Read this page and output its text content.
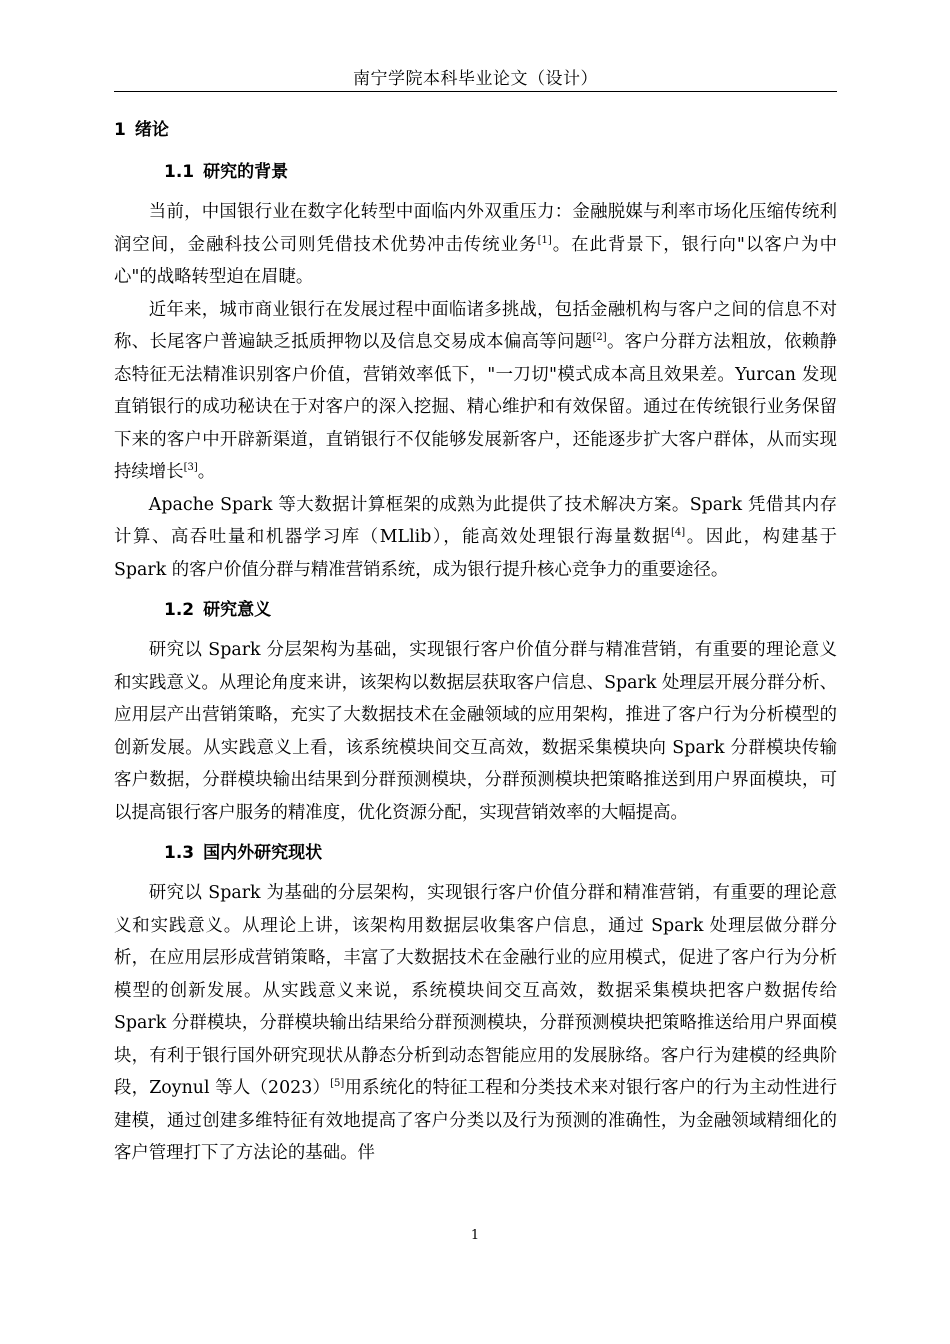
南宁学院本科毕业论文（设计）
1 绪论
1.1 研究的背景

当前，中国银行业在数字化转型中面临内外双重压力：金融脱媒与利率市场化压缩传统利润空间，金融科技公司则凭借技术优势冲击传统业务[1]。在此背景下，银行向"以客户为中心"的战略转型迫在眉睫。

近年来，城市商业银行在发展过程中面临诸多挑战，包括金融机构与客户之间的信息不对称、长尾客户普遍缺乏抵质押物以及信息交易成本偏高等问题[2]。客户分群方法粗放，依赖静态特征无法精准识别客户价值，营销效率低下，"一刀切"模式成本高且效果差。Yurcan 发现直销银行的成功秘诀在于对客户的深入挖掘、精心维护和有效保留。通过在传统银行业务保留下来的客户中开辟新渠道，直销银行不仅能够发展新客户，还能逐步扩大客户群体，从而实现持续增长[3]。

Apache Spark 等大数据计算框架的成熟为此提供了技术解决方案。Spark 凭借其内存计算、高吞吐量和机器学习库（MLlib），能高效处理银行海量数据[4]。因此，构建基于 Spark 的客户价值分群与精准营销系统，成为银行提升核心竞争力的重要途径。

1.2 研究意义

研究以 Spark 分层架构为基础，实现银行客户价值分群与精准营销，有重要的理论意义和实践意义。从理论角度来讲，该架构以数据层获取客户信息、Spark 处理层开展分群分析、应用层产出营销策略，充实了大数据技术在金融领域的应用架构，推进了客户行为分析模型的创新发展。从实践意义上看，该系统模块间交互高效，数据采集模块向 Spark 分群模块传输客户数据，分群模块输出结果到分群预测模块，分群预测模块把策略推送到用户界面模块，可以提高银行客户服务的精准度，优化资源分配，实现营销效率的大幅提高。

1.3 国内外研究现状

研究以 Spark 为基础的分层架构，实现银行客户价值分群和精准营销，有重要的理论意义和实践意义。从理论上讲，该架构用数据层收集客户信息，通过 Spark 处理层做分群分析，在应用层形成营销策略，丰富了大数据技术在金融行业的应用模式，促进了客户行为分析模型的创新发展。从实践意义来说，系统模块间交互高效，数据采集模块把客户数据传给 Spark 分群模块，分群模块输出结果给分群预测模块，分群预测模块把策略推送给用户界面模块，有利于银行国外研究现状从静态分析到动态智能应用的发展脉络。客户行为建模的经典阶段，Zoynul 等人（2023）[5]用系统化的特征工程和分类技术来对银行客户的行为主动性进行建模，通过创建多维特征有效地提高了客户分类以及行为预测的准确性，为金融领域精细化的客户管理打下了方法论的基础。伴

1
